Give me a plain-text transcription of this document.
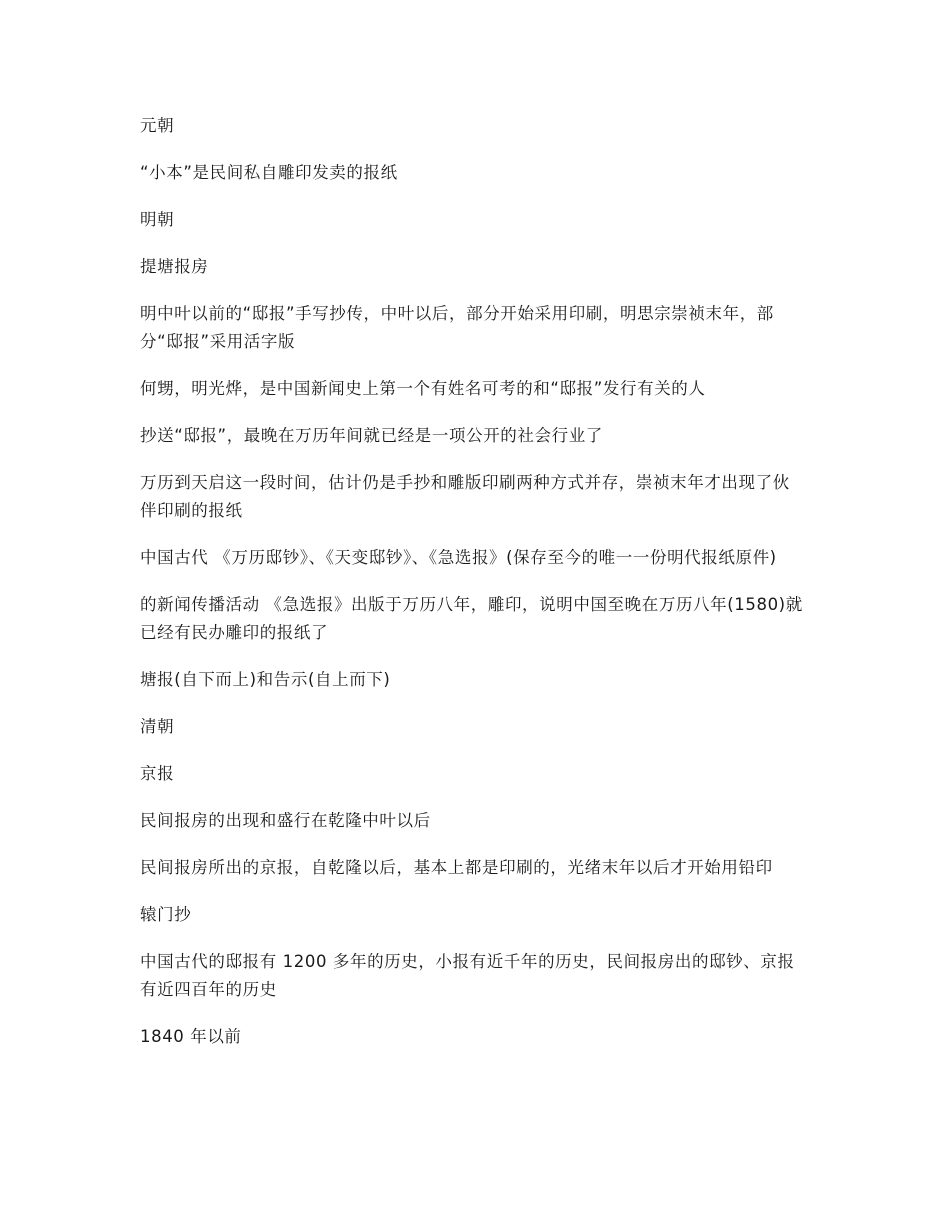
元朝

“小本”是民间私自雕印发卖的报纸

明朝

提塘报房

明中叶以前的“邸报”手写抄传，中叶以后，部分开始采用印刷，明思宗崇祯末年，部分“邸报”采用活字版

何甥，明光烨，是中国新闻史上第一个有姓名可考的和“邸报”发行有关的人

抄送“邸报”，最晚在万历年间就已经是一项公开的社会行业了

万历到天启这一段时间，估计仍是手抄和雕版印刷两种方式并存，崇祯末年才出现了伙伴印刷的报纸

中国古代 《万历邸钞》、《天变邸钞》、《急选报》(保存至今的唯一一份明代报纸原件)

的新闻传播活动 《急选报》出版于万历八年，雕印，说明中国至晚在万历八年(1580)就已经有民办雕印的报纸了

塘报(自下而上)和告示(自上而下)

清朝

京报

民间报房的出现和盛行在乾隆中叶以后

民间报房所出的京报，自乾隆以后，基本上都是印刷的，光绪末年以后才开始用铅印

辕门抄

中国古代的邸报有 1200 多年的历史，小报有近千年的历史，民间报房出的邸钞、京报有近四百年的历史

1840 年以前
